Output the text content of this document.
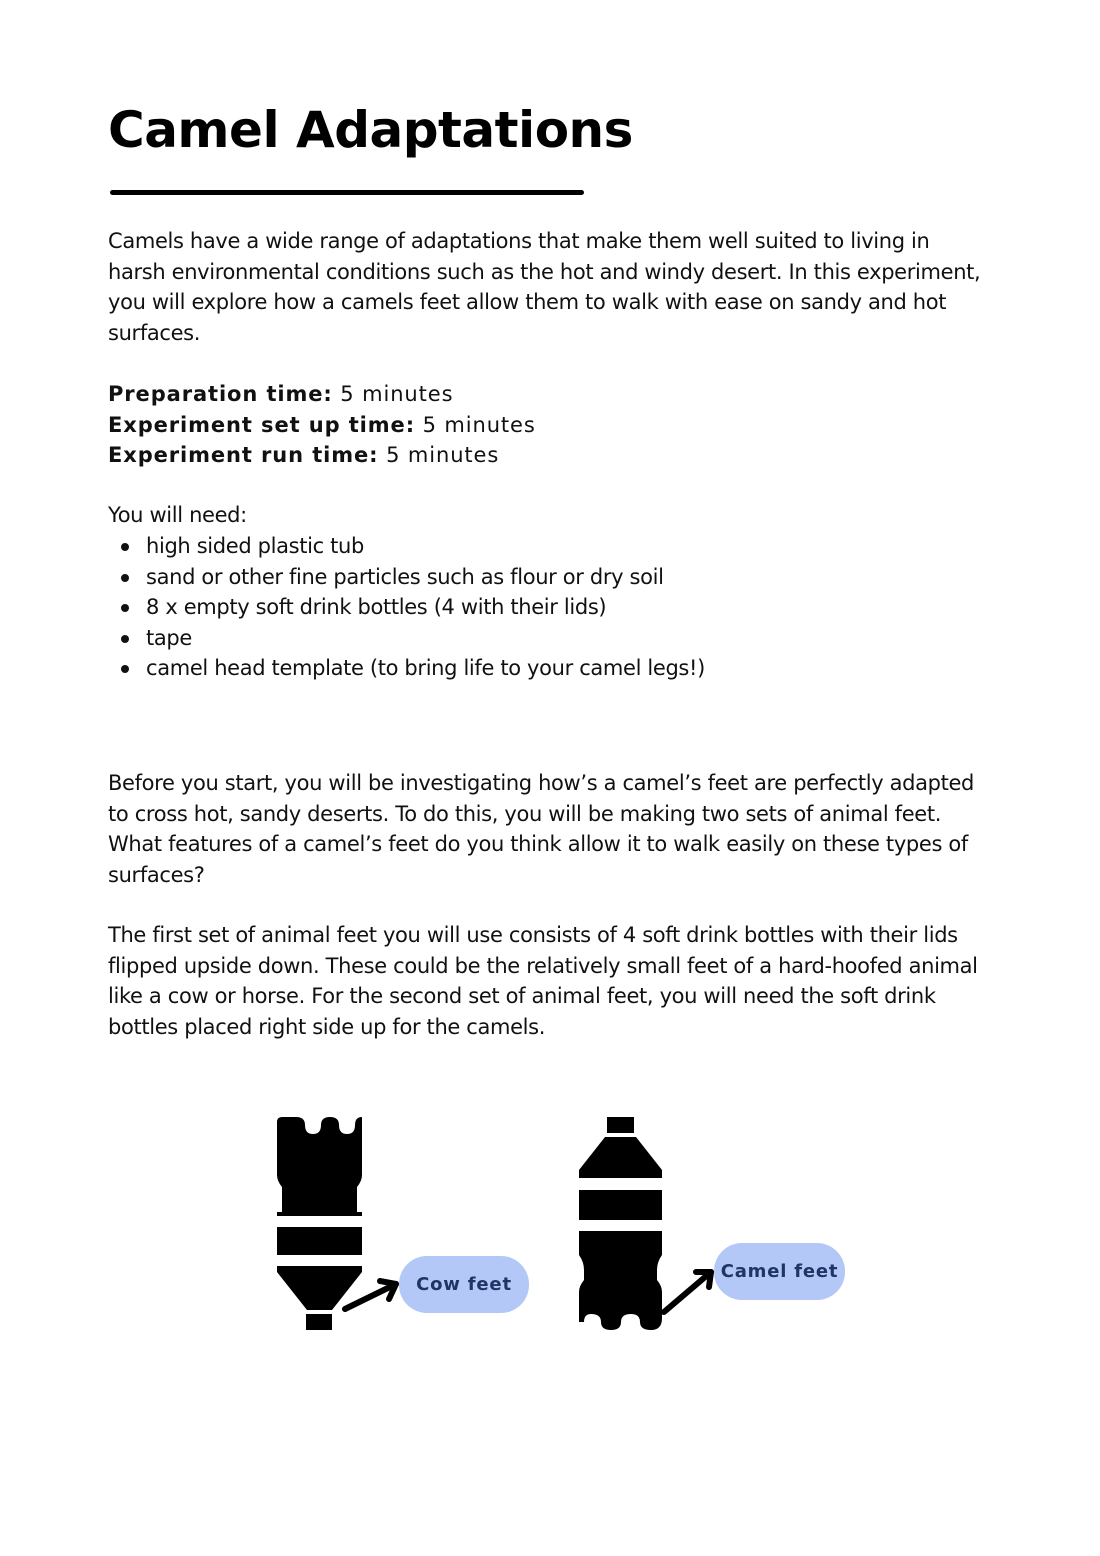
Camel Adaptations

Camels have a wide range of adaptations that make them well suited to living in harsh environmental conditions such as the hot and windy desert. In this experiment, you will explore how a camels feet allow them to walk with ease on sandy and hot surfaces.

Preparation time: 5 minutes
Experiment set up time: 5 minutes
Experiment run time: 5 minutes
You will need:
high sided plastic tub
sand or other fine particles such as flour or dry soil
8 x empty soft drink bottles (4 with their lids)
tape
camel head template (to bring life to your camel legs!)

Before you start, you will be investigating how’s a camel’s feet are perfectly adapted to cross hot, sandy deserts. To do this, you will be making two sets of animal feet. What features of a camel’s feet do you think allow it to walk easily on these types of surfaces?

The first set of animal feet you will use consists of 4 soft drink bottles with their lids flipped upside down. These could be the relatively small feet of a hard-hoofed animal like a cow or horse. For the second set of animal feet, you will need the soft drink bottles placed right side up for the camels.

Cow feet
Camel feet
